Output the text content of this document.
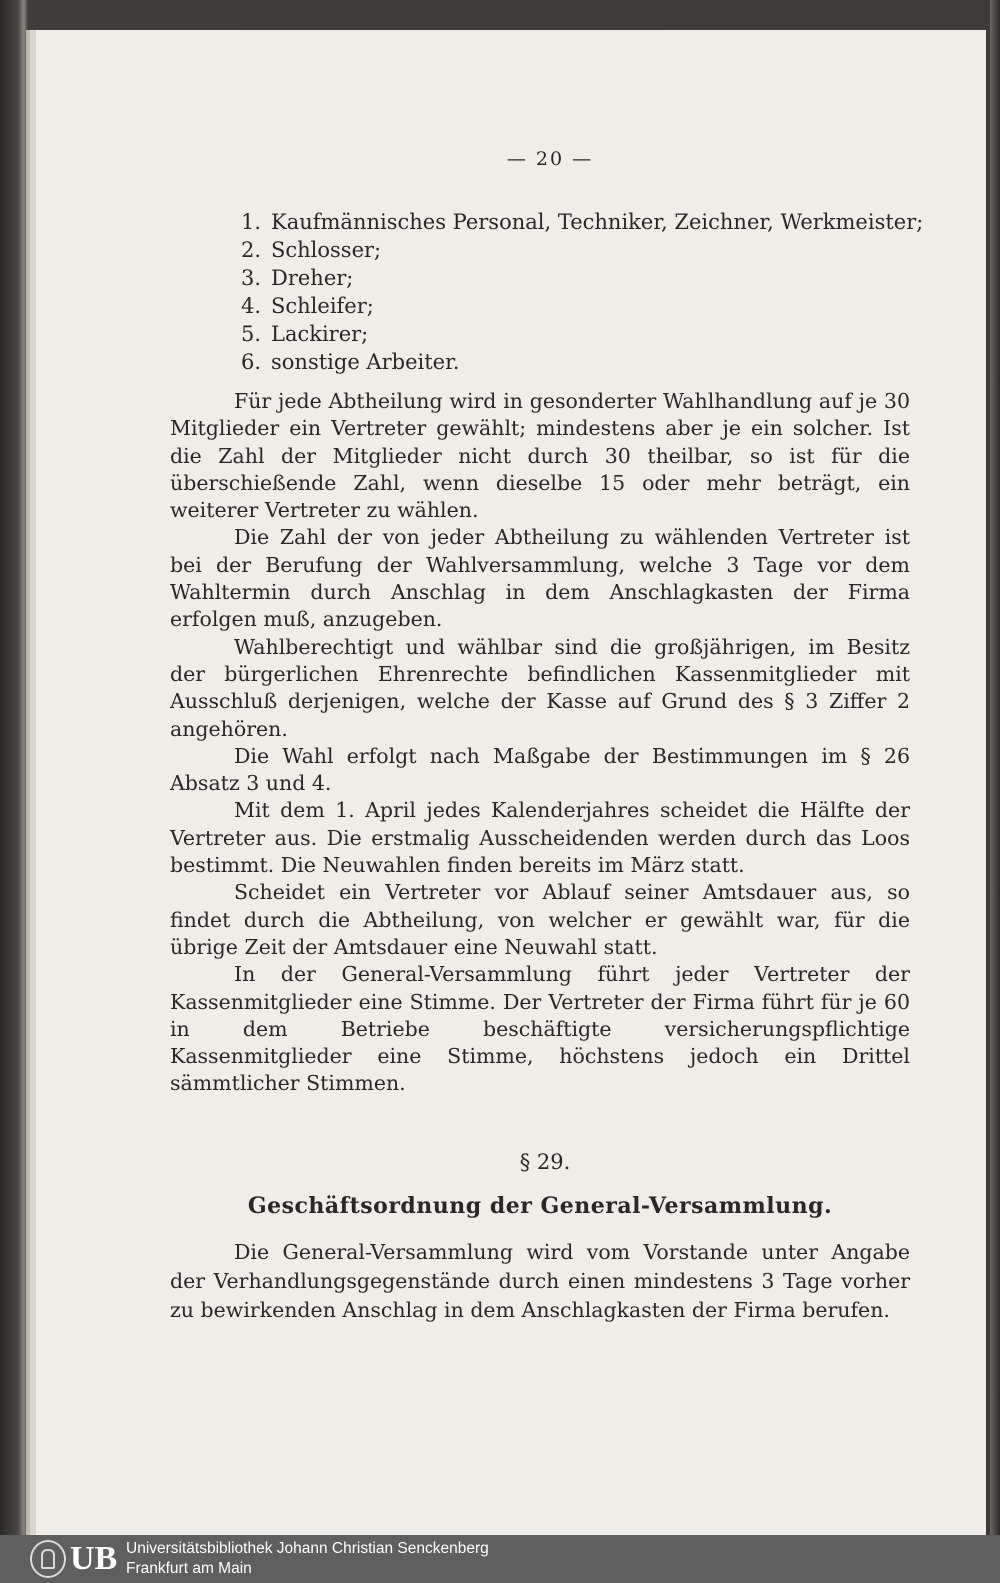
— 20 —
1. Kaufmännisches Personal, Techniker, Zeichner, Werkmeister;
2. Schlosser;
3. Dreher;
4. Schleifer;
5. Lackirer;
6. sonstige Arbeiter.

Für jede Abtheilung wird in gesonderter Wahlhandlung auf je 30 Mitglieder ein Vertreter gewählt; mindestens aber je ein solcher. Ist die Zahl der Mitglieder nicht durch 30 theilbar, so ist für die überschießende Zahl, wenn dieselbe 15 oder mehr beträgt, ein weiterer Vertreter zu wählen.

Die Zahl der von jeder Abtheilung zu wählenden Vertreter ist bei der Berufung der Wahlversammlung, welche 3 Tage vor dem Wahltermin durch Anschlag in dem Anschlagkasten der Firma erfolgen muß, anzugeben.

Wahlberechtigt und wählbar sind die großjährigen, im Besitz der bürgerlichen Ehrenrechte befindlichen Kassenmitglieder mit Ausschluß derjenigen, welche der Kasse auf Grund des § 3 Ziffer 2 angehören.

Die Wahl erfolgt nach Maßgabe der Bestimmungen im § 26 Absatz 3 und 4.

Mit dem 1. April jedes Kalenderjahres scheidet die Hälfte der Vertreter aus. Die erstmalig Ausscheidenden werden durch das Loos bestimmt. Die Neuwahlen finden bereits im März statt.

Scheidet ein Vertreter vor Ablauf seiner Amtsdauer aus, so findet durch die Abtheilung, von welcher er gewählt war, für die übrige Zeit der Amtsdauer eine Neuwahl statt.

In der General-Versammlung führt jeder Vertreter der Kassenmitglieder eine Stimme. Der Vertreter der Firma führt für je 60 in dem Betriebe beschäftigte versicherungspflichtige Kassenmitglieder eine Stimme, höchstens jedoch ein Drittel sämmtlicher Stimmen.

§ 29.
Geschäftsordnung der General-Versammlung.

Die General-Versammlung wird vom Vorstande unter Angabe der Verhandlungsgegenstände durch einen mindestens 3 Tage vorher zu bewirkenden Anschlag in dem Anschlagkasten der Firma berufen.

UB Universitätsbibliothek Johann Christian Senckenberg
Frankfurt am Main
